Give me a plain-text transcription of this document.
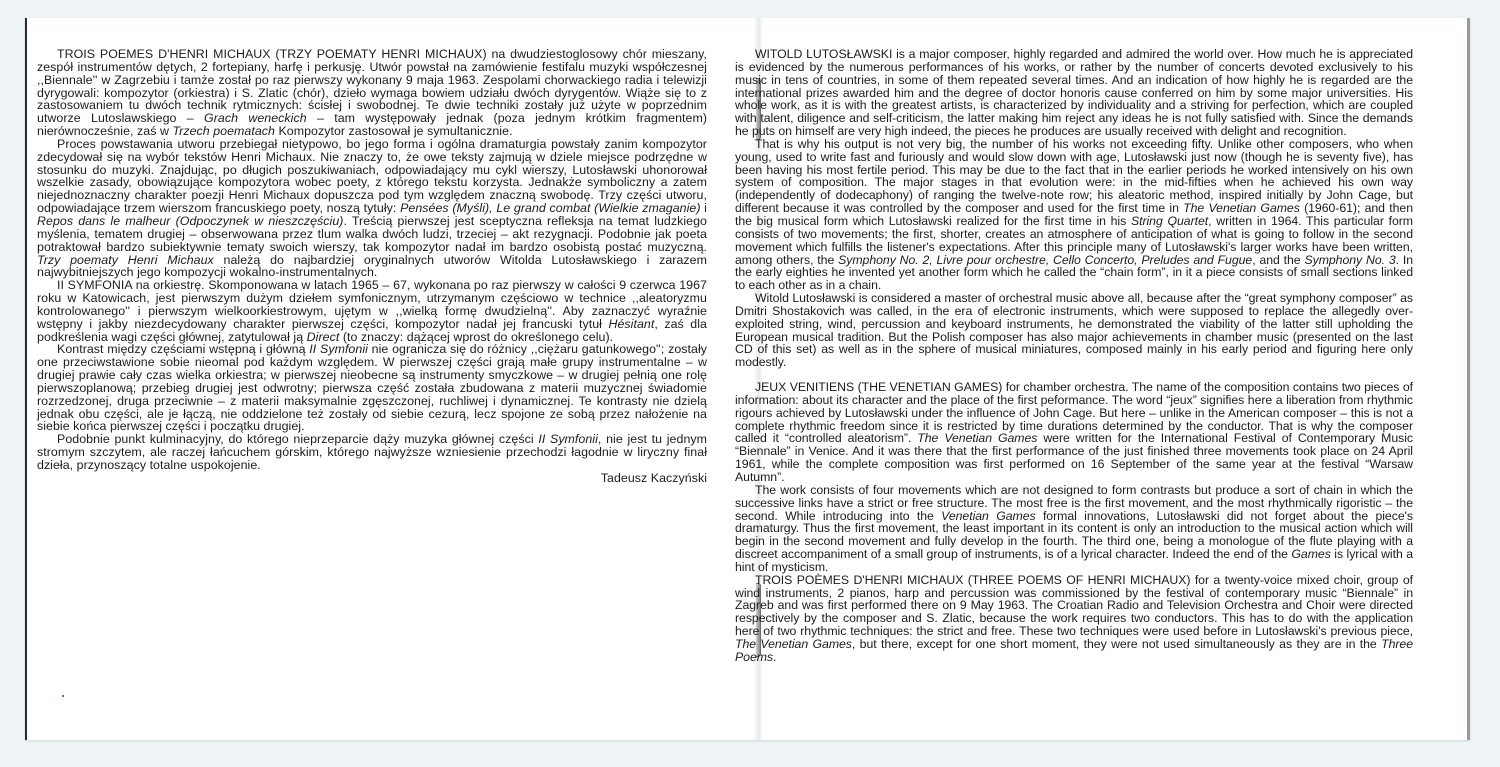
TROIS POEMES D'HENRI MICHAUX (TRZY POEMATY HENRI MICHAUX) na dwudziestoglosowy chór mieszany, zespół instrumentów dętych, 2 fortepiany, harfę i perkusję. Utwór powstał na zamówienie festifalu muzyki współczesnej ,,Biennale'' w Zagrzebiu i tamże został po raz pierwszy wykonany 9 maja 1963. Zespolami chorwackiego radia i telewizji dyrygowali: kompozytor (orkiestra) i S. Zlatic (chór), dzieło wymaga bowiem udziału dwóch dyrygentów. Wiąże się to z zastosowaniem tu dwóch technik rytmicznych: ścisłej i swobodnej. Te dwie techniki zostały już użyte w poprzednim utworze Lutoslawskiego – Grach weneckich – tam występowały jednak (poza jednym krótkim fragmentem) nierównocześnie, zaś w Trzech poematach Kompozytor zastosował je symultanicznie.

Proces powstawania utworu przebiegał nietypowo, bo jego forma i ogólna dramaturgia powstały zanim kompozytor zdecydował się na wybór tekstów Henri Michaux. Nie znaczy to, że owe teksty zajmują w dziele miejsce podrzędne w stosunku do muzyki. Znajdując, po długich poszukiwaniach, odpowiadający mu cykl wierszy, Lutosławski uhonorował wszelkie zasady, obowiązujące kompozytora wobec poety, z którego tekstu korzysta. Jednakże symboliczny a zatem niejednoznaczny charakter poezji Henri Michaux dopuszcza pod tym względem znaczną swobodę. Trzy części utworu, odpowiadające trzem wierszom francuskiego poety, noszą tytuły: Pensées (Myśli), Le grand combat (Wielkie zmaganie) i Repos dans le malheur (Odpoczynek w nieszczęściu). Treścią pierwszej jest sceptyczna refleksja na temat ludzkiego myślenia, tematem drugiej – obserwowana przez tlum walka dwóch ludzi, trzeciej – akt rezygnacji. Podobnie jak poeta potraktował bardzo subiektywnie tematy swoich wierszy, tak kompozytor nadał im bardzo osobistą postać muzyczną. Trzy poematy Henri Michaux należą do najbardziej oryginalnych utworów Witolda Lutosławskiego i zarazem najwybitniejszych jego kompozycji wokalno-instrumentalnych.

II SYMFONIA na orkiestrę. Skomponowana w latach 1965 – 67, wykonana po raz pierwszy w całości 9 czerwca 1967 roku w Katowicach, jest pierwszym dużym dziełem symfonicznym, utrzymanym częściowo w technice ,,aleatoryzmu kontrolowanego'' i pierwszym wielkoorkiestrowym, ujętym w ,,wielką formę dwudzielną''. Aby zaznaczyć wyraźnie wstępny i jakby niezdecydowany charakter pierwszej części, kompozytor nadał jej francuski tytuł Hésitant, zaś dla podkreślenia wagi części głównej, zatytulował ją Direct (to znaczy: dążącej wprost do określonego celu).

Kontrast między częściami wstępną i główną II Symfonii nie ogranicza się do różnicy ,,ciężaru gatunkowego''; zostały one przeciwstawione sobie nieomal pod każdym względem. W pierwszej części grają małe grupy instrumentalne – w drugiej prawie cały czas wielka orkiestra; w pierwszej nieobecne są instrumenty smyczkowe – w drugiej pełnią one rolę pierwszoplanową; przebieg drugiej jest odwrotny; pierwsza część została zbudowana z materii muzycznej świadomie rozrzedzonej, druga przeciwnie – z materii maksymalnie zgęszczonej, ruchliwej i dynamicznej. Te kontrasty nie dzielą jednak obu części, ale je łączą, nie oddzielone też zostały od siebie cezurą, lecz spojone ze sobą przez nałożenie na siebie końca pierwszej części i początku drugiej.

Podobnie punkt kulminacyjny, do którego nieprzeparcie dąży muzyka głównej części II Symfonii, nie jest tu jednym stromym szczytem, ale raczej łańcuchem górskim, którego najwyższe wzniesienie przechodzi łagodnie w liryczny finał dzieła, przynoszący totalne uspokojenie.

Tadeusz Kaczyński

WITOLD LUTOSŁAWSKI is a major composer, highly regarded and admired the world over. How much he is appreciated is evidenced by the numerous performances of his works, or rather by the number of concerts devoted exclusively to his music in tens of countries, in some of them repeated several times. And an indication of how highly he is regarded are the international prizes awarded him and the degree of doctor honoris cause conferred on him by some major universities. His whole work, as it is with the greatest artists, is characterized by individuality and a striving for perfection, which are coupled with talent, diligence and self-criticism, the latter making him reject any ideas he is not fully satisfied with. Since the demands he puts on himself are very high indeed, the pieces he produces are usually received with delight and recognition.

That is why his output is not very big, the number of his works not exceeding fifty. Unlike other composers, who when young, used to write fast and furiously and would slow down with age, Lutosławski just now (though he is seventy five), has been having his most fertile period. This may be due to the fact that in the earlier periods he worked intensively on his own system of composition. The major stages in that evolution were: in the mid-fifties when he achieved his own way (independently of dodecaphony) of ranging the twelve-note row; his aleatoric method, inspired initially by John Cage, but different because it was controlled by the composer and used for the first time in The Venetian Games (1960-61); and then the big musical form which Lutosławski realized for the first time in his String Quartet, written in 1964. This particular form consists of two movements; the first, shorter, creates an atmosphere of anticipation of what is going to follow in the second movement which fulfills the listener's expectations. After this principle many of Lutosławski's larger works have been written, among others, the Symphony No. 2, Livre pour orchestre, Cello Concerto, Preludes and Fugue, and the Symphony No. 3. In the early eighties he invented yet another form which he called the “chain form”, in it a piece consists of small sections linked to each other as in a chain.

Witold Lutosławski is considered a master of orchestral music above all, because after the “great symphony composer” as Dmitri Shostakovich was called, in the era of electronic instruments, which were supposed to replace the allegedly over-exploited string, wind, percussion and keyboard instruments, he demonstrated the viability of the latter still upholding the European musical tradition. But the Polish composer has also major achievements in chamber music (presented on the last CD of this set) as well as in the sphere of musical miniatures, composed mainly in his early period and figuring here only modestly.

JEUX VENITIENS (THE VENETIAN GAMES) for chamber orchestra. The name of the composition contains two pieces of information: about its character and the place of the first peformance. The word “jeux” signifies here a liberation from rhythmic rigours achieved by Lutosławski under the influence of John Cage. But here – unlike in the American composer – this is not a complete rhythmic freedom since it is restricted by time durations determined by the conductor. That is why the composer called it “controlled aleatorism”. The Venetian Games were written for the International Festival of Contemporary Music “Biennale” in Venice. And it was there that the first performance of the just finished three movements took place on 24 April 1961, while the complete composition was first performed on 16 September of the same year at the festival “Warsaw Autumn”.

The work consists of four movements which are not designed to form contrasts but produce a sort of chain in which the successive links have a strict or free structure. The most free is the first movement, and the most rhythmically rigoristic – the second. While introducing into the Venetian Games formal innovations, Lutosławski did not forget about the piece's dramaturgy. Thus the first movement, the least important in its content is only an introduction to the musical action which will begin in the second movement and fully develop in the fourth. The third one, being a monologue of the flute playing with a discreet accompaniment of a small group of instruments, is of a lyrical character. Indeed the end of the Games is lyrical with a hint of mysticism.

TROIS POÈMES D'HENRI MICHAUX (THREE POEMS OF HENRI MICHAUX) for a twenty-voice mixed choir, group of wind instruments, 2 pianos, harp and percussion was commissioned by the festival of contemporary music “Biennale” in Zagreb and was first performed there on 9 May 1963. The Croatian Radio and Television Orchestra and Choir were directed respectively by the composer and S. Zlatic, because the work requires two conductors. This has to do with the application here of two rhythmic techniques: the strict and free. These two techniques were used before in Lutosławski's previous piece, The Venetian Games, but there, except for one short moment, they were not used simultaneously as they are in the Three Poems.
